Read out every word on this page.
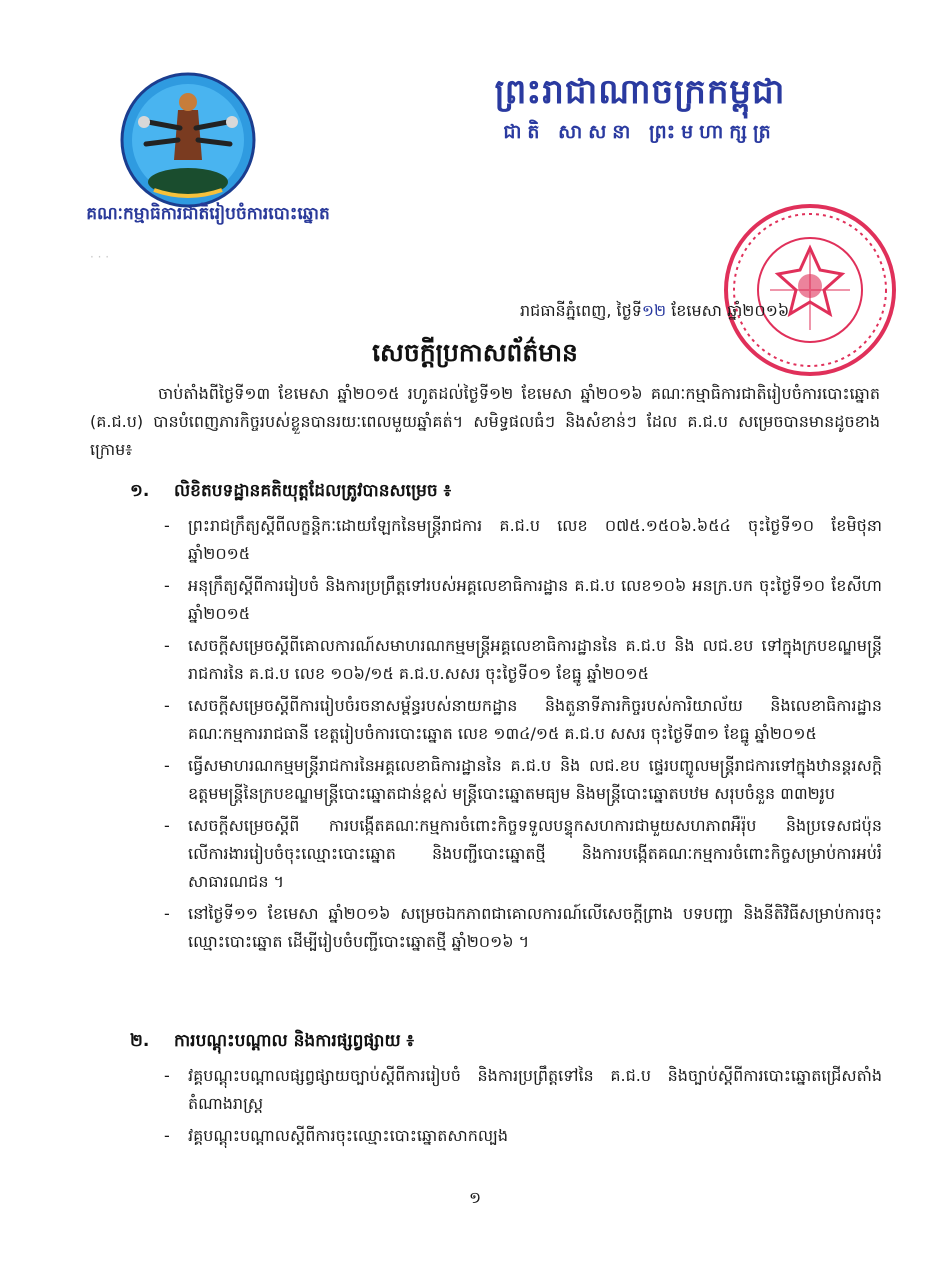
គណៈកម្មាធិការជាតិរៀបចំការបោះឆ្នោត
· · ·
ព្រះរាជាណាចក្រកម្ពុជា
ជាតិ សាសនា ព្រះមហាក្សត្រ
រាជធានីភ្នំពេញ, ថ្ងៃទី១២ ខែមេសា ឆ្នាំ២០១៦
សេចក្តីប្រកាសព័ត៌មាន
ចាប់តាំងពីថ្ងៃទី១៣ ខែមេសា ឆ្នាំ២០១៥ រហូតដល់ថ្ងៃទី១២ ខែមេសា ឆ្នាំ២០១៦ គណៈកម្មាធិការជាតិរៀបចំការបោះឆ្នោត (គ.ជ.ប) បានបំពេញភារកិច្ចរបស់ខ្លួនបានរយៈពេលមួយឆ្នាំគត់។ សមិទ្ធផលធំៗ និងសំខាន់ៗ ដែល គ.ជ.ប សម្រេចបានមានដូចខាងក្រោម៖
១. លិខិតបទដ្ឋានគតិយុត្តដែលត្រូវបានសម្រេច ៖
- ព្រះរាជក្រឹត្យស្តីពីលក្ខន្តិកៈដោយឡែកនៃមន្ត្រីរាជការ គ.ជ.ប លេខ ០៧៥.១៥០៦.៦៥៤ ចុះថ្ងៃទី១០ ខែមិថុនា ឆ្នាំ២០១៥
- អនុក្រឹត្យស្តីពីការរៀបចំ និងការប្រព្រឹត្តទៅរបស់អគ្គលេខាធិការដ្ឋាន គ.ជ.ប លេខ១០៦ អនក្រ.បក ចុះថ្ងៃទី១០ ខែសីហា ឆ្នាំ២០១៥
- សេចក្តីសម្រេចស្តីពីគោលការណ៍សមាហរណកម្មមន្ត្រីអគ្គលេខាធិការដ្ឋាននៃ គ.ជ.ប និង លជ.ខប ទៅក្នុងក្របខណ្ឌមន្ត្រីរាជការនៃ គ.ជ.ប លេខ ១០៦/១៥ គ.ជ.ប.សសរ ចុះថ្ងៃទី០១ ខែធ្នូ ឆ្នាំ២០១៥
- សេចក្តីសម្រេចស្តីពីការរៀបចំរចនាសម្ព័ន្ធរបស់នាយកដ្ឋាន និងតួនាទីភារកិច្ចរបស់ការិយាល័យ និងលេខាធិការដ្ឋានគណៈកម្មការរាជធានី ខេត្តរៀបចំការបោះឆ្នោត លេខ ១៣៤/១៥ គ.ជ.ប សសរ ចុះថ្ងៃទី៣១ ខែធ្នូ ឆ្នាំ២០១៥
- ធ្វើសមាហរណកម្មមន្ត្រីរាជការនៃអគ្គលេខាធិការដ្ឋាននៃ គ.ជ.ប និង លជ.ខប ផ្ទេរបញ្ចូលមន្ត្រីរាជការទៅក្នុងឋានន្តរសក្តិឧត្តមមន្ត្រីនៃក្របខណ្ឌមន្ត្រីបោះឆ្នោតជាន់ខ្ពស់ មន្ត្រីបោះឆ្នោតមធ្យម និងមន្ត្រីបោះឆ្នោតបឋម សរុបចំនួន ៣៣២រូប
- សេចក្តីសម្រេចស្តីពី ការបង្កើតគណៈកម្មការចំពោះកិច្ចទទួលបន្ទុកសហការជាមួយសហភាពអឺរ៉ុប និងប្រទេសជប៉ុនលើការងាររៀបចំចុះឈ្មោះបោះឆ្នោត និងបញ្ជីបោះឆ្នោតថ្មី និងការបង្កើតគណៈកម្មការចំពោះកិច្ចសម្រាប់ការអប់រំសាធារណជន ។
- នៅថ្ងៃទី១១ ខែមេសា ឆ្នាំ២០១៦ សម្រេចឯកភាពជាគោលការណ៍លើសេចក្តីព្រាង បទបញ្ជា និងនីតិវិធីសម្រាប់ការចុះឈ្មោះបោះឆ្នោត ដើម្បីរៀបចំបញ្ជីបោះឆ្នោតថ្មី ឆ្នាំ២០១៦ ។
២. ការបណ្តុះបណ្តាល និងការផ្សព្វផ្សាយ ៖
- វគ្គបណ្តុះបណ្តាលផ្សព្វផ្សាយច្បាប់ស្តីពីការរៀបចំ និងការប្រព្រឹត្តទៅនៃ គ.ជ.ប និងច្បាប់ស្តីពីការបោះឆ្នោតជ្រើសតាំងតំណាងរាស្ត្រ
- វគ្គបណ្តុះបណ្តាលស្តីពីការចុះឈ្មោះបោះឆ្នោតសាកល្បង
១
